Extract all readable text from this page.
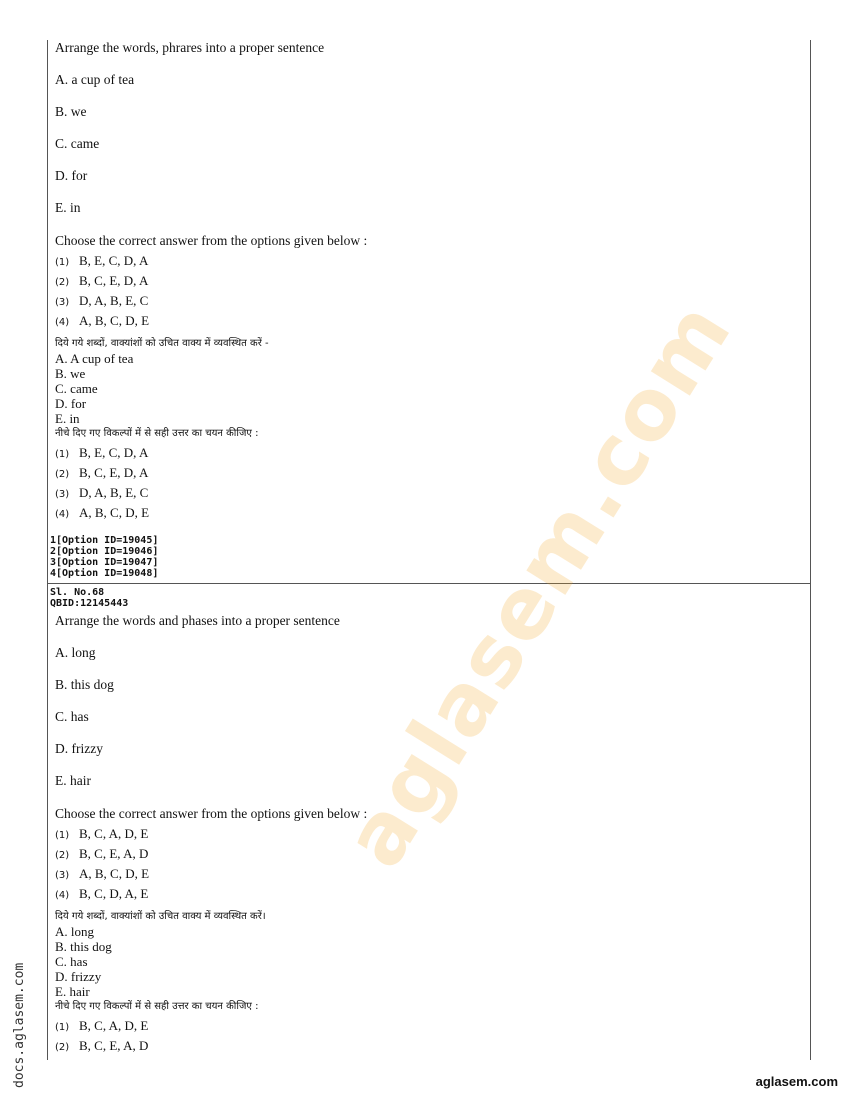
aglasem.com
Arrange the words, phrares into a proper sentence
A. a cup of tea
B. we
C. came
D. for
E. in
Choose the correct answer from the options given below :
(1) B, E, C, D, A
(2) B, C, E, D, A
(3) D, A, B, E, C
(4) A, B, C, D, E
दिये गये शब्दों, वाक्यांशों को उचित वाक्य में व्यवस्थित करें -
A. A cup of tea
B. we
C. came
D. for
E. in
नीचे दिए गए विकल्पों में से सही उत्तर का चयन कीजिए :
(1) B, E, C, D, A
(2) B, C, E, D, A
(3) D, A, B, E, C
(4) A, B, C, D, E
1[Option ID=19045]
2[Option ID=19046]
3[Option ID=19047]
4[Option ID=19048]
Sl. No.68
QBID:12145443
Arrange the words and phases into a proper sentence
A. long
B. this dog
C. has
D. frizzy
E. hair
Choose the correct answer from the options given below :
(1) B, C, A, D, E
(2) B, C, E, A, D
(3) A, B, C, D, E
(4) B, C, D, A, E
दिये गये शब्दों, वाक्यांशों को उचित वाक्य में व्यवस्थित करें।
A. long
B. this dog
C. has
D. frizzy
E. hair
नीचे दिए गए विकल्पों में से सही उत्तर का चयन कीजिए :
(1) B, C, A, D, E
(2) B, C, E, A, D
docs.aglasem.com	aglasem.com
